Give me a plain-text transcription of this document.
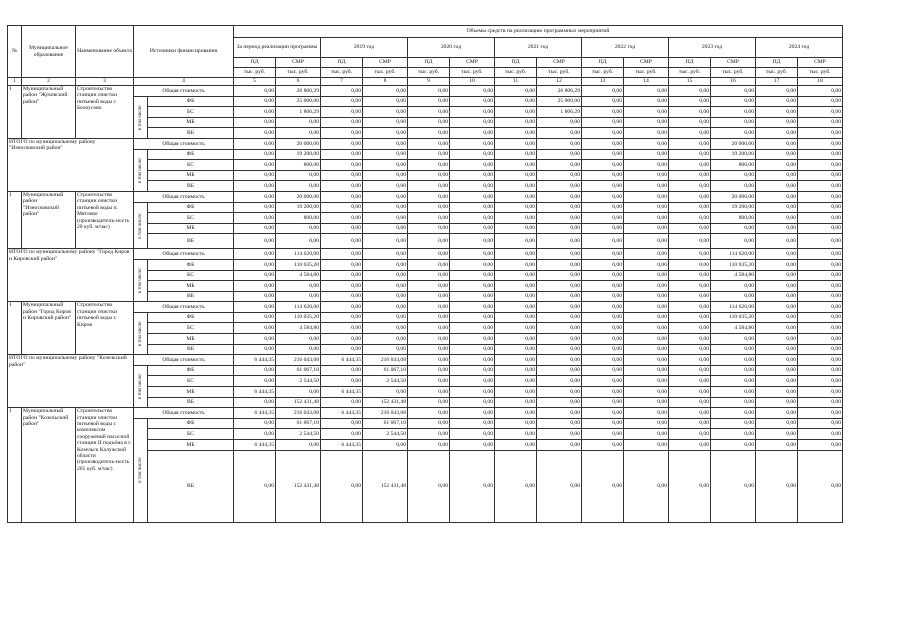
№	Муниципальное образование	Наименование объекта	Источники финансирования		Объемы средств на реализацию программных мероприятий													
					За период реализации программы		2019 год		2020 год		2021 год		2022 год		2023 год		2024 год	
					ПД	СМР	ПД	СМР	ПД	СМР	ПД	СМР	ПД	СМР	ПД	СМР	ПД	СМР
					тыс. руб.	тыс. руб.	тыс. руб.	тыс. руб.	тыс. руб.	тыс. руб.	тыс. руб.	тыс. руб.	тыс. руб.	тыс. руб.	тыс. руб.	тыс. руб.	тыс. руб.	тыс. руб.
1	2	3	4		5	6	7	8	9	10	11	12	13	14	15	16	17	18
1	Муниципальный район "Жуковский район"	Строительство станции очистки питьевой воды г. Белоусово	Общая стоимость		0,00	26 806,29	0,00	0,00	0,00	0,00	0,00	26 806,29	0,00	0,00	0,00	0,00	0,00	0,00
			в том числе:	ФБ	0,00	25 000,00	0,00	0,00	0,00	0,00	0,00	25 000,00	0,00	0,00	0,00	0,00	0,00	0,00
				БС	0,00	1 806,29	0,00	0,00	0,00	0,00	0,00	1 806,29	0,00	0,00	0,00	0,00	0,00	0,00
				МБ	0,00	0,00	0,00	0,00	0,00	0,00	0,00	0,00	0,00	0,00	0,00	0,00	0,00	0,00
				ВБ	0,00	0,00	0,00	0,00	0,00	0,00	0,00	0,00	0,00	0,00	0,00	0,00	0,00	0,00
ИТОГО по муниципальному району "Износковский район"			Общая стоимость		0,00	20 000,00	0,00	0,00	0,00	0,00	0,00	0,00	0,00	0,00	0,00	20 000,00	0,00	0,00
			в том числе:	ФБ	0,00	19 200,00	0,00	0,00	0,00	0,00	0,00	0,00	0,00	0,00	0,00	19 200,00	0,00	0,00
				БС	0,00	800,00	0,00	0,00	0,00	0,00	0,00	0,00	0,00	0,00	0,00	800,00	0,00	0,00
				МБ	0,00	0,00	0,00	0,00	0,00	0,00	0,00	0,00	0,00	0,00	0,00	0,00	0,00	0,00
				ВБ	0,00	0,00	0,00	0,00	0,00	0,00	0,00	0,00	0,00	0,00	0,00	0,00	0,00	0,00
1	Муниципальный район "Износковский район"	Строительство станции очистки питьевой воды п. Мятлево (производитель-ность 20 куб. м/час)	Общая стоимость		0,00	20 000,00	0,00	0,00	0,00	0,00	0,00	0,00	0,00	0,00	0,00	20 000,00	0,00	0,00
			в том числе:	ФБ	0,00	19 200,00	0,00	0,00	0,00	0,00	0,00	0,00	0,00	0,00	0,00	19 200,00	0,00	0,00
				БС	0,00	800,00	0,00	0,00	0,00	0,00	0,00	0,00	0,00	0,00	0,00	800,00	0,00	0,00
				МБ	0,00	0,00	0,00	0,00	0,00	0,00	0,00	0,00	0,00	0,00	0,00	0,00	0,00	0,00
				ВБ	0,00	0,00	0,00	0,00	0,00	0,00	0,00	0,00	0,00	0,00	0,00	0,00	0,00	0,00
ИТОГО по муниципальному району "Город Киров и Кировский район"			Общая стоимость		0,00	114 620,00	0,00	0,00	0,00	0,00	0,00	0,00	0,00	0,00	0,00	114 620,00	0,00	0,00
			в том числе:	ФБ	0,00	110 035,20	0,00	0,00	0,00	0,00	0,00	0,00	0,00	0,00	0,00	110 035,20	0,00	0,00
				БС	0,00	4 584,80	0,00	0,00	0,00	0,00	0,00	0,00	0,00	0,00	0,00	4 584,80	0,00	0,00
				МБ	0,00	0,00	0,00	0,00	0,00	0,00	0,00	0,00	0,00	0,00	0,00	0,00	0,00	0,00
				ВБ	0,00	0,00	0,00	0,00	0,00	0,00	0,00	0,00	0,00	0,00	0,00	0,00	0,00	0,00
1	Муниципальный район "Город Киров и Кировский район"	Строительство станции очистки питьевой воды г. Киров	Общая стоимость		0,00	114 620,00	0,00	0,00	0,00	0,00	0,00	0,00	0,00	0,00	0,00	114 620,00	0,00	0,00
			в том числе:	ФБ	0,00	110 035,20	0,00	0,00	0,00	0,00	0,00	0,00	0,00	0,00	0,00	110 035,20	0,00	0,00
				БС	0,00	4 584,80	0,00	0,00	0,00	0,00	0,00	0,00	0,00	0,00	0,00	4 584,80	0,00	0,00
				МБ	0,00	0,00	0,00	0,00	0,00	0,00	0,00	0,00	0,00	0,00	0,00	0,00	0,00	0,00
				ВБ	0,00	0,00	0,00	0,00	0,00	0,00	0,00	0,00	0,00	0,00	0,00	0,00	0,00	0,00
ИТОГО по муниципальному району "Козельский район"			Общая стоимость		6 444,35	216 043,08	6 444,35	216 043,08	0,00	0,00	0,00	0,00	0,00	0,00	0,00	0,00	0,00	0,00
			в том числе:	ФБ	0,00	61 067,10	0,00	61 067,10	0,00	0,00	0,00	0,00	0,00	0,00	0,00	0,00	0,00	0,00
				БС	0,00	2 544,50	0,00	2 544,50	0,00	0,00	0,00	0,00	0,00	0,00	0,00	0,00	0,00	0,00
				МБ	6 444,35	0,00	6 444,35	0,00	0,00	0,00	0,00	0,00	0,00	0,00	0,00	0,00	0,00	0,00
				ВБ	0,00	152 431,48	0,00	152 431,48	0,00	0,00	0,00	0,00	0,00	0,00	0,00	0,00	0,00	0,00
1	Муниципальный район "Козельский район"	Строительство станции очистки питьевой воды с комплексом сооружений насосной станции II подъёма в г. Козельск Калужской области (производитель-ность 205 куб. м/час)	Общая стоимость		6 444,35	216 043,08	6 444,35	216 043,08	0,00	0,00	0,00	0,00	0,00	0,00	0,00	0,00	0,00	0,00
			в том числе:	ФБ	0,00	61 067,10	0,00	61 067,10	0,00	0,00	0,00	0,00	0,00	0,00	0,00	0,00	0,00	0,00
				БС	0,00	2 544,50	0,00	2 544,50	0,00	0,00	0,00	0,00	0,00	0,00	0,00	0,00	0,00	0,00
				МБ	6 444,35	0,00	6 444,35	0,00	0,00	0,00	0,00	0,00	0,00	0,00	0,00	0,00	0,00	0,00
				ВБ	0,00	152 431,48	0,00	152 431,48	0,00	0,00	0,00	0,00	0,00	0,00	0,00	0,00	0,00	0,00
